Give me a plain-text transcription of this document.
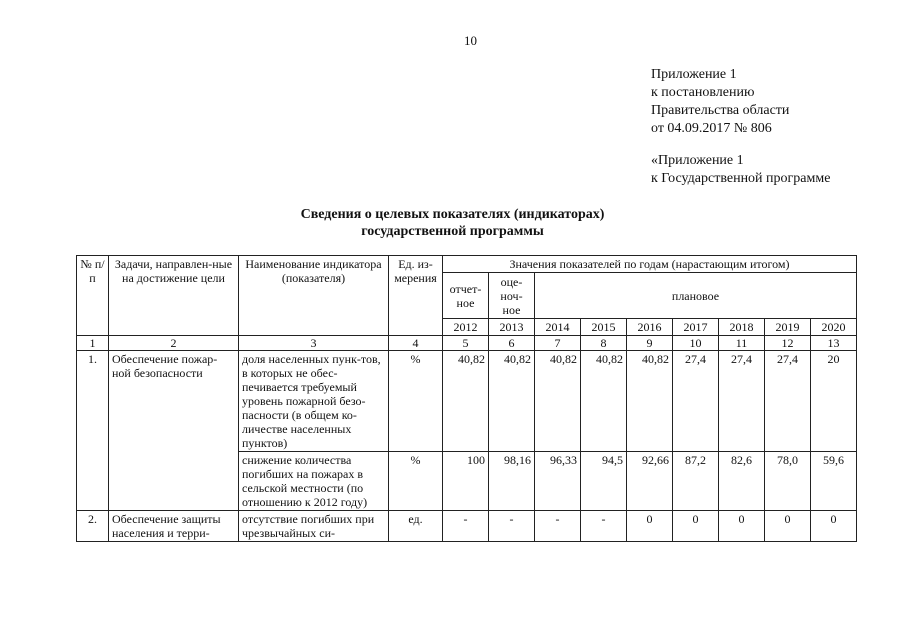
10
Приложение 1
к постановлению
Правительства области
от 04.09.2017 № 806
«Приложение 1
к Государственной программе
Сведения о целевых показателях (индикаторах)
государственной программы
№ п/п	Задачи, направлен-ные на достижение цели	Наименование индикатора (показателя)	Ед. из-мерения	Значения показателей по годам (нарастающим итогом)								
				отчет-ное	оце-ноч-ное	плановое						
				2012	2013	2014	2015	2016	2017	2018	2019	2020
1	2	3	4	5	6	7	8	9	10	11	12	13
1.	Обеспечение пожар-ной безопасности	доля населенных пунк-тов, в которых не обес-печивается требуемый уровень пожарной безо-пасности (в общем ко-личестве населенных пунктов)	%	40,82	40,82	40,82	40,82	40,82	27,4	27,4	27,4	20
		снижение количества погибших на пожарах в сельской местности (по отношению к 2012 году)	%	100	98,16	96,33	94,5	92,66	87,2	82,6	78,0	59,6
2.	Обеспечение защиты населения и терри-	отсутствие погибших при чрезвычайных си-	ед.	-	-	-	-	0	0	0	0	0
